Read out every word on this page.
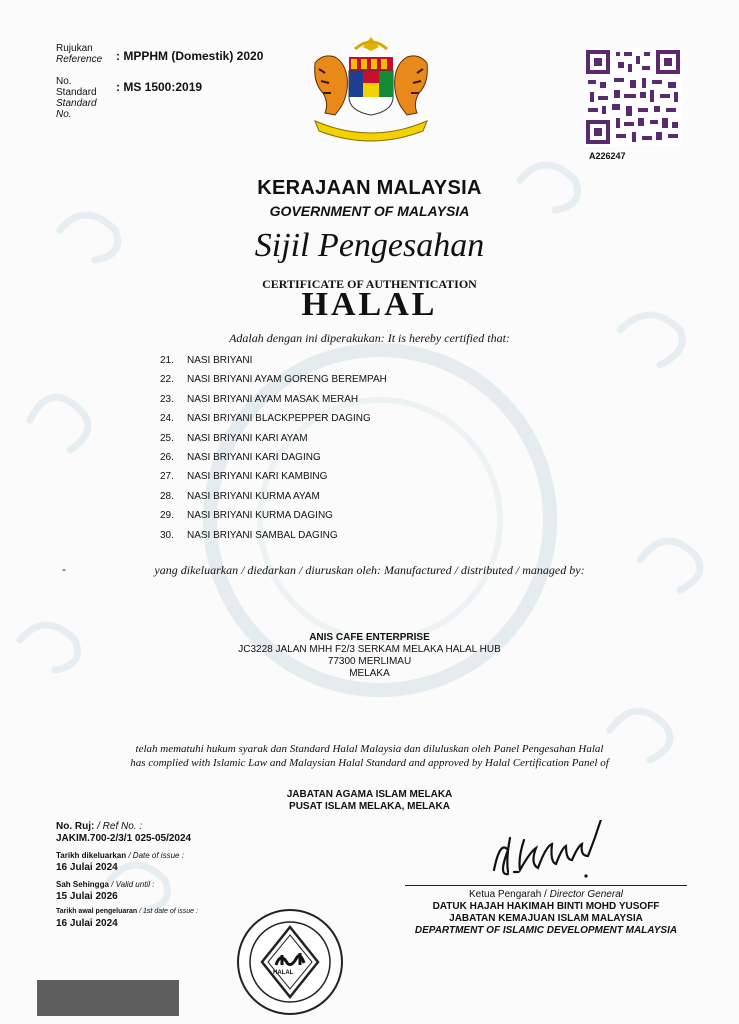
Rujukan
Reference : MPPHM (Domestik) 2020
No.
Standard
Standard
No.
: MS 1500:2019
A226247
KERAJAAN MALAYSIA
GOVERNMENT OF MALAYSIA
Sijil Pengesahan
CERTIFICATE OF AUTHENTICATION
HALAL
Adalah dengan ini diperakukan: It is hereby certified that:
21.	NASI BRIYANI
22.	NASI BRIYANI AYAM GORENG BEREMPAH
23.	NASI BRIYANI AYAM MASAK MERAH
24.	NASI BRIYANI BLACKPEPPER DAGING
25.	NASI BRIYANI KARI AYAM
26.	NASI BRIYANI KARI DAGING
27.	NASI BRIYANI KARI KAMBING
28.	NASI BRIYANI KURMA AYAM
29.	NASI BRIYANI KURMA DAGING
30.	NASI BRIYANI SAMBAL DAGING
-	yang dikeluarkan / diedarkan / diuruskan oleh: Manufactured / distributed / managed by:
ANIS CAFE ENTERPRISE
JC3228 JALAN MHH F2/3 SERKAM MELAKA HALAL HUB
77300 MERLIMAU
MELAKA
telah mematuhi hukum syarak dan Standard Halal Malaysia dan diluluskan oleh Panel Pengesahan Halal
has complied with Islamic Law and Malaysian Halal Standard and approved by Halal Certification Panel of
JABATAN AGAMA ISLAM MELAKA
PUSAT ISLAM MELAKA, MELAKA
No. Ruj: / Ref No. :
JAKIM.700-2/3/1 025-05/2024
Tarikh dikeluarkan / Date of issue :
16 Julai 2024
Sah Sehingga / Valid until :
15 Julai 2026
Tarikh awal pengeluaran / 1st date of issue :
16 Julai 2024
HALAL
Ketua Pengarah / Director General
DATUK HAJAH HAKIMAH BINTI MOHD YUSOFF
JABATAN KEMAJUAN ISLAM MALAYSIA
DEPARTMENT OF ISLAMIC DEVELOPMENT MALAYSIA
